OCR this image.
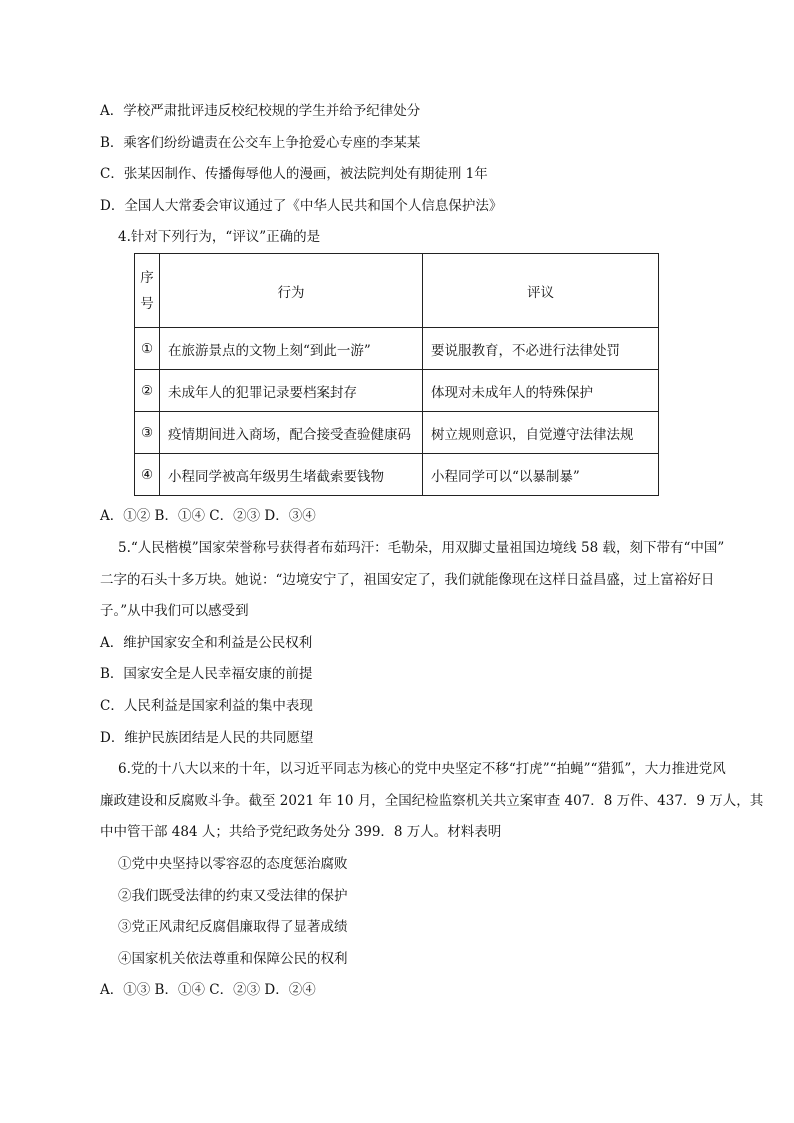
A．学校严肃批评违反校纪校规的学生并给予纪律处分
B．乘客们纷纷谴责在公交车上争抢爱心专座的李某某
C．张某因制作、传播侮辱他人的漫画，被法院判处有期徒刑 1年
D．全国人大常委会审议通过了《中华人民共和国个人信息保护法》
4.针对下列行为，“评议”正确的是
序
号	行为	评议
①	在旅游景点的文物上刻“到此一游”	要说服教育，不必进行法律处罚
②	未成年人的犯罪记录要档案封存	体现对未成年人的特殊保护
③	疫情期间进入商场，配合接受查验健康码	树立规则意识，自觉遵守法律法规
④	小程同学被高年级男生堵截索要钱物	小程同学可以“以暴制暴”
A．①② B．①④ C．②③ D．③④
5.“人民楷模”国家荣誉称号获得者布茹玛汗：毛勒朵，用双脚丈量祖国边境线 58 载，刻下带有“中国”
二字的石头十多万块。她说：“边境安宁了，祖国安定了，我们就能像现在这样日益昌盛，过上富裕好日
子。”从中我们可以感受到
A．维护国家安全和利益是公民权利
B．国家安全是人民幸福安康的前提
C．人民利益是国家利益的集中表现
D．维护民族团结是人民的共同愿望
6.党的十八大以来的十年，以习近平同志为核心的党中央坚定不移“打虎”“拍蝇”“猎狐”，大力推进党风
廉政建设和反腐败斗争。截至 2021 年 10 月，全国纪检监察机关共立案审查 407．8 万件、437．9 万人，其
中中管干部 484 人；共给予党纪政务处分 399．8 万人。材料表明
①党中央坚持以零容忍的态度惩治腐败
②我们既受法律的约束又受法律的保护
③党正风肃纪反腐倡廉取得了显著成绩
④国家机关依法尊重和保障公民的权利
A．①③ B．①④ C．②③ D．②④
